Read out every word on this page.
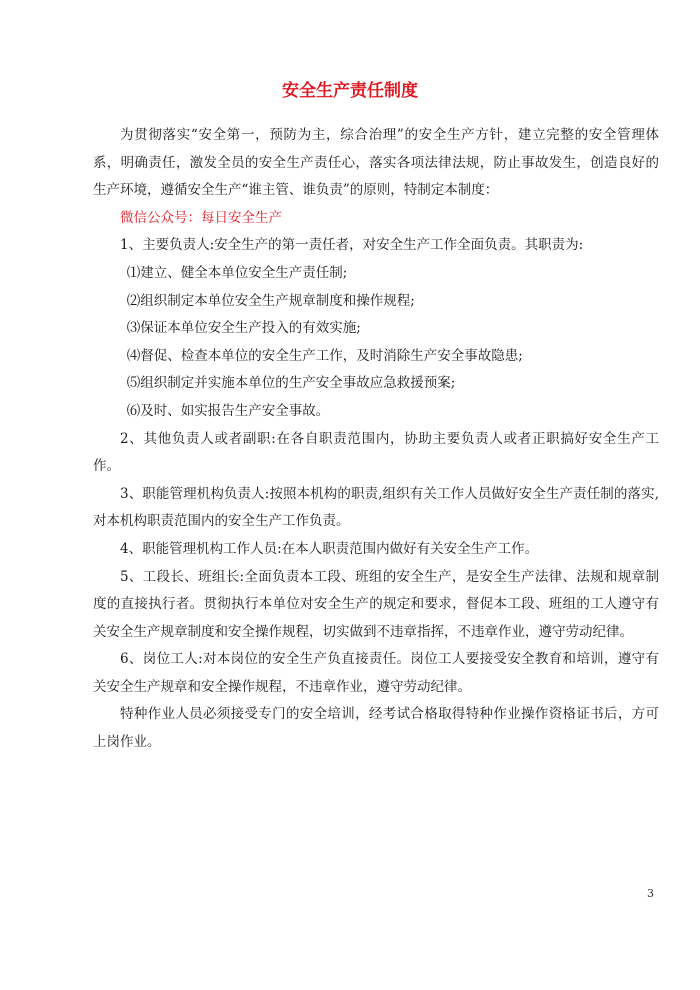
安全生产责任制度

为贯彻落实“安全第一，预防为主，综合治理”的安全生产方针，建立完整的安全管理体系，明确责任，激发全员的安全生产责任心，落实各项法律法规，防止事故发生，创造良好的生产环境，遵循安全生产“谁主管、谁负责”的原则，特制定本制度：

微信公众号：每日安全生产

1、主要负责人:安全生产的第一责任者，对安全生产工作全面负责。其职责为:

⑴建立、健全本单位安全生产责任制;

⑵组织制定本单位安全生产规章制度和操作规程;

⑶保证本单位安全生产投入的有效实施;

⑷督促、检查本单位的安全生产工作，及时消除生产安全事故隐患;

⑸组织制定并实施本单位的生产安全事故应急救援预案;

⑹及时、如实报告生产安全事故。

2、其他负责人或者副职:在各自职责范围内，协助主要负责人或者正职搞好安全生产工作。

3、职能管理机构负责人:按照本机构的职责,组织有关工作人员做好安全生产责任制的落实,对本机构职责范围内的安全生产工作负责。

4、职能管理机构工作人员:在本人职责范围内做好有关安全生产工作。

5、工段长、班组长:全面负责本工段、班组的安全生产，是安全生产法律、法规和规章制度的直接执行者。贯彻执行本单位对安全生产的规定和要求，督促本工段、班组的工人遵守有关安全生产规章制度和安全操作规程，切实做到不违章指挥，不违章作业，遵守劳动纪律。

6、岗位工人:对本岗位的安全生产负直接责任。岗位工人要接受安全教育和培训，遵守有关安全生产规章和安全操作规程，不违章作业，遵守劳动纪律。

特种作业人员必须接受专门的安全培训，经考试合格取得特种作业操作资格证书后，方可上岗作业。

3
